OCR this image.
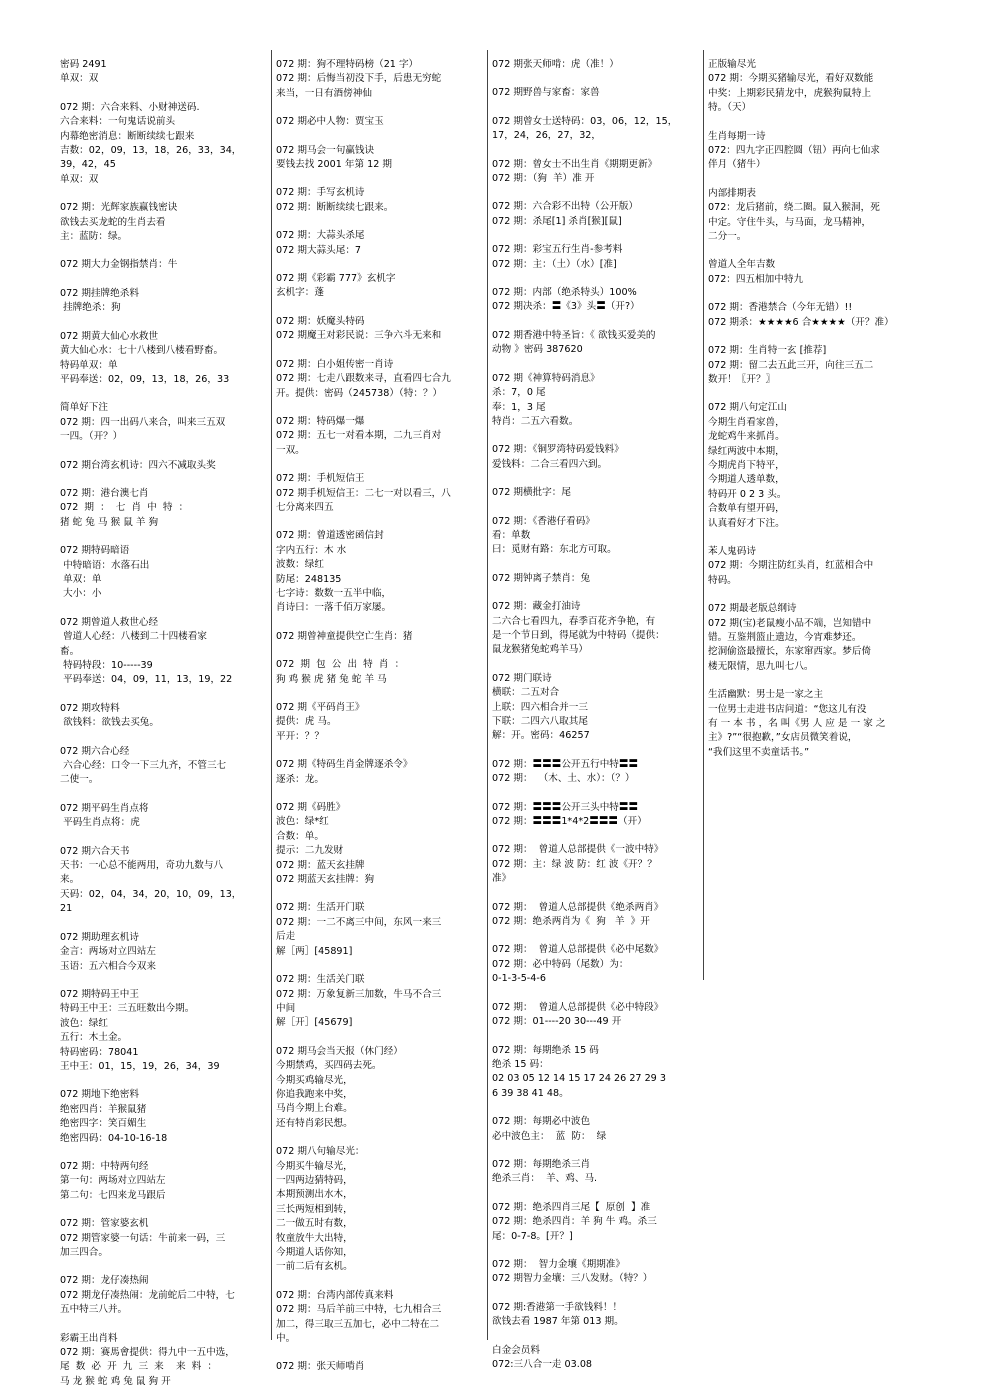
密码 2491
单双：双
072 期：六合来料、小财神送码.
六合来料：一句鬼话说前头
内幕绝密消息：断断续续七跟来
吉数：02，09，13，18，26，33，34，
39，42，45
单双：双
072 期：光辉家族赢钱密诀
欲钱去买龙蛇的生肖去看
主：蓝防：绿。
072 期大力金钢指禁肖：牛
072 期挂牌绝杀料
挂牌绝杀：狗
072 期黄大仙心水救世
黄大仙心水：七十八楼到八楼看野畜。
特码单双：单
平码奉送：02，09，13，18，26，33
简单好下注
072 期：四一出码八来合，叫来三五双
一四。（开？）
072 期台湾玄机诗：四六不减取头奖
072 期：港台澳七肖
072  期  ：  七  肖  中  特  ：
猪 蛇 兔 马 猴 鼠 羊 狗
072 期特码暗语
中特暗语：水落石出
单双：单
大小：小
072 期曾道人救世心经
曾道人心经：八楼到二十四楼看家
畜。
特码特段：10-----39
平码奉送：04，09，11，13，19，22
072 期攻特料
欲钱料：欲钱去买兔。
072 期六合心经
六合心经：口令一下三九齐，不管三七
二使一。
072 期平码生肖点将
平码生肖点将：虎
072 期六合天书
天书：一心总不能两用，奇功九数与八
来。
天码：02，04，34，20，10，09，13，
21
072 期助理玄机诗
金言：两场对立四站左
玉语：五六相合今双来
072 期特码王中王
特码王中王：三五旺数出今期。
波色：绿红
五行：木土金。
特码密码：78041
王中王：01，15，19，26，34，39
072 期地下绝密料
绝密四肖：羊猴鼠猪
绝密四字：笑百媚生
绝密四码：04-10-16-18
072 期：中特两句经
第一句：两场对立四站左
第二句：七四来龙马跟后
072 期：管家婆玄机
072 期管家婆一句话：牛前来一码，三
加三四合。
072 期：龙仔凑热闹
072 期龙仔凑热闹：龙前蛇后二中特，七
五中特三八并。
彩霸王出肖料
072 期：赛馬會提供：得九中一五中选，
尾  数  必  开  九  三  来    来  料  ：
马 龙 猴 蛇 鸡 兔 鼠 狗 开
072 期：狗不理特码榜（21 字）
072 期：后悔当初没下手，后患无穷蛇
来当，一日有酒傍神仙
072 期必中人物：贾宝玉
072 期马会一句赢钱诀
要钱去找 2001 年第 12 期
072 期：手写玄机诗
072 期：断断续续七跟来。
072 期：大蒜头杀尾
072 期大蒜头尾：7
072 期《彩霸 777》玄机字
玄机字：蓬
072 期：妖魔头特码
072 期魔王对彩民说：三争六斗无来和
072 期：白小姐传密一肖诗
072 期：七走八跟数来寻，直看四七合九
开。提供：密码（245738）（特：？）
072 期：特码爆一爆
072 期：五七一对看本期，二九三肖对
一双。
072 期：手机短信王
072 期手机短信王：二七一对以看三，八
七分离来四五
072 期：曾道透密函信封
字内五行：木 水
波数：绿红
防尾：248135
七字诗：数数一五半中临，
肖诗曰：一落千佰万家屡。
072 期曾神童提供空亡生肖：猪
072  期  包  公  出  特  肖  ：
狗 鸡 猴 虎 猪 兔 蛇 羊 马
072 期《平码肖王》
提供：虎 马。
平开：？？
072 期《特码生肖金牌逐杀令》
逐杀：龙。
072 期《码胜》
波色：绿*红
合数：单。
提示：二九发财
072 期：蓝天玄挂牌
072 期蓝天玄挂牌：狗
072 期：生活开门联
072 期：一二不离三中间，东风一来三
后走
解［两］[45891]
072 期：生活关门联
072 期：万象复新三加数，牛马不合三
中间
解［开］[45679]
072 期马会当天报（休门经）
今期禁鸡，买四码去死。
今期买鸡输尽光，
你追我跑来中奖，
马肖今期上台难。
还有特肖彩民想。
072 期八句输尽光：
今期买牛输尽光，
一四两边猜特码，
本期预测出水木，
三长两短相到转，
二一做五时有数，
牧童放牛大出特，
今期道人话你知，
一前二后有玄机。
072 期：台湾内部传真来料
072 期：马后羊前三中特，七九相合三
加二，得三取三五加七，必中二特在二
中。
072 期：张天师啃肖
072 期张天师啃：虎（准！）
072 期野兽与家畜：家兽
072 期曾女士送特码：03，06，12，15，
17，24，26，27，32，
072 期：曾女士不出生肖《期期更新》
072 期：（狗  羊）准 开
072 期：六合彩不出特（公开版）
072 期：杀尾[1] 杀肖[猴][鼠]
072 期：彩宝五行生肖-参考料
072 期：主：（土）（水）[准]
072 期：内部（绝杀特头）100%
072 期决杀：〓《3》头〓（开?）
072 期香港中特圣旨：《 欲钱买爱美的
动物 》密码 387620
072 期《神算特码消息》
杀：7，0 尾
奉：1，3 尾
特肖：二五六看数。
072 期：《铜罗湾特码爱钱料》
爱钱料：二合三看四六到。
072 期横批字：尾
072 期：《香港仔看码》
看：单数
曰：觅财有路：东北方可取。
072 期钟离子禁肖：兔
072 期：藏金打油诗
二六合七看四九，春季百花齐争艳，有
是一个节日到，得尾就为中特码（提供：
鼠龙猴猪兔蛇鸡羊马）
072 期门联诗
横联：二五对合
上联：四六相合并一三
下联：二四六八取其尾
解：开。密码：46257
072 期：〓〓〓公开五行中特〓〓
072 期：  （木、土、水）：（？）
072 期：〓〓〓公开三头中特〓〓
072 期：〓〓〓1*4*2〓〓〓（开）
072 期：  曾道人总部提供《一波中特》
072 期：主：绿 波 防：红 波《开？？
准》
072 期：  曾道人总部提供《绝杀两肖》
072 期：绝杀两肖为《  狗   羊  》开
072 期：  曾道人总部提供《必中尾数》
072 期：必中特码（尾数）为：
0-1-3-5-4-6
072 期：  曾道人总部提供《必中特段》
072 期：01----20 30---49 开
072 期：每期绝杀 15 码
绝杀 15 码：
02 03 05 12 14 15 17 24 26 27 29 3
6 39 38 41 48。
072 期：每期必中波色
必中波色主：  蓝  防：  绿
072 期：每期绝杀三肖
绝杀三肖：  羊、鸡、马.
072 期：绝杀四肖三尾【  原创  】准
072 期：绝杀四肖：羊 狗 牛 鸡。杀三
尾：0-7-8。[开？]
072 期：  智力金壤《期期准》
072 期智力金壤：三八发财。（特？）
072 期:香港第一手欲钱料！！
欲钱去看 1987 年第 013 期。
白金会员料
072:三八合一走 03.08
正版输尽光
072 期：今期买猪输尽光，看好双数能
中奖：上期彩民猜龙中，虎猴狗鼠特上
特。（天）
生肖每期一诗
072：四九字正四腔圆（钮）再向七仙求
伴月（猪牛）
内部排期表
072：龙后猪前，绕二圈。鼠入猴洞，死
中定。守住牛头，与马面，龙马精神，
二分一。
曾道人全年吉数
072：四五相加中特九
072 期：香港禁合（今年无错）!!
072 期杀：★★★★6 合★★★★（开？准）
072 期：生肖特一玄 [推荐]
072 期：留二去五此三开，向往三五二
数开！〖开？〗
072 期八句定江山
今期生肖看家兽，
龙蛇鸡牛来抓肖。
绿红两波中本期，
今期虎肖下特平，
今期道人透单数，
特码开 0 2 3 头。
合数单有望开码，
认真看好才下注。
苯人鬼码诗
072 期：今期注防红头肖，红蓝相合中
特码。
072 期最老版总纲诗
072 期(宝)老鼠瘦小品不端，岂知错中
错。互鉴荆篮止遗边，今宵难梦还。
挖洞偷盗最擅长，东家窜西家。梦后倚
楼无限情，思九叫七八。
生活幽默：男士是一家之主
一位男士走进书店问道：“您这儿有没
有 一 本 书 ，名 叫《男 人 应 是 一 家 之
主》?”“很抱歉，”女店员微笑着说，
“我们这里不卖童话书。”
